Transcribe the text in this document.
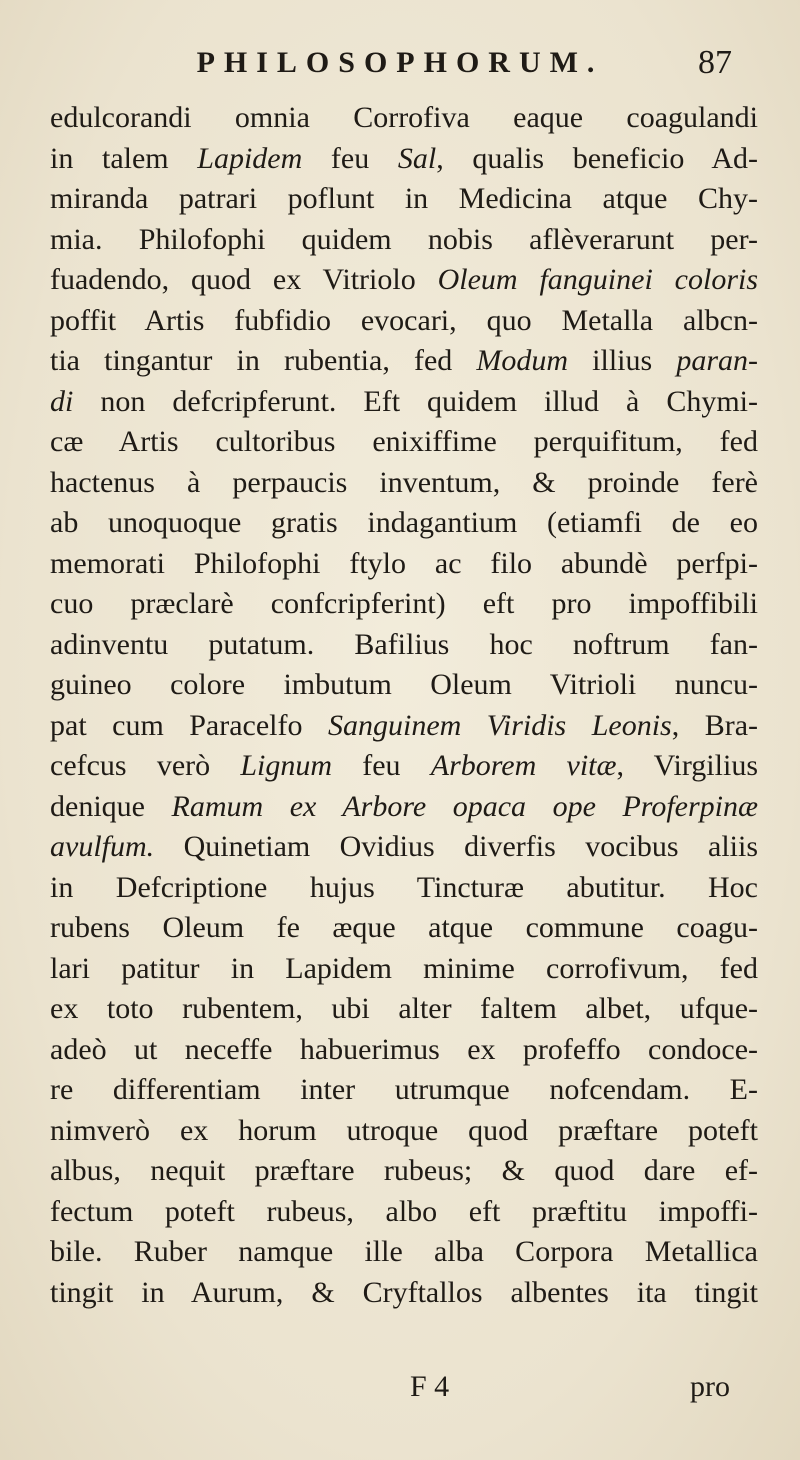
PHILOSOPHORUM.	87
edulcorandi omnia Corrofiva eaque coagulandi
in talem Lapidem feu Sal, qualis beneficio Ad-
miranda patrari poflunt in Medicina atque Chy-
mia. Philofophi quidem nobis aflèverarunt per-
fuadendo, quod ex Vitriolo Oleum fanguinei coloris
poffit Artis fubfidio evocari, quo Metalla albcn-
tia tingantur in rubentia, fed Modum illius paran-
di non defcripferunt. Eft quidem illud à Chymi-
cæ Artis cultoribus enixiffime perquifitum, fed
hactenus à perpaucis inventum, & proinde ferè
ab unoquoque gratis indagantium (etiamfi de eo
memorati Philofophi ftylo ac filo abundè perfpi-
cuo præclarè confcripferint) eft pro impoffibili
adinventu putatum. Bafilius hoc noftrum fan-
guineo colore imbutum Oleum Vitrioli nuncu-
pat cum Paracelfo Sanguinem Viridis Leonis, Bra-
cefcus verò Lignum feu Arborem vitæ, Virgilius
denique Ramum ex Arbore opaca ope Proferpinæ
avulfum. Quinetiam Ovidius diverfis vocibus aliis
in Defcriptione hujus Tincturæ abutitur. Hoc
rubens Oleum fe æque atque commune coagu-
lari patitur in Lapidem minime corrofivum, fed
ex toto rubentem, ubi alter faltem albet, ufque-
adeò ut neceffe habuerimus ex profeffo condoce-
re differentiam inter utrumque nofcendam. E-
nimverò ex horum utroque quod præftare poteft
albus, nequit præftare rubeus; & quod dare ef-
fectum poteft rubeus, albo eft præftitu impoffi-
bile. Ruber namque ille alba Corpora Metallica
tingit in Aurum, & Cryftallos albentes ita tingit
F 4	pro
